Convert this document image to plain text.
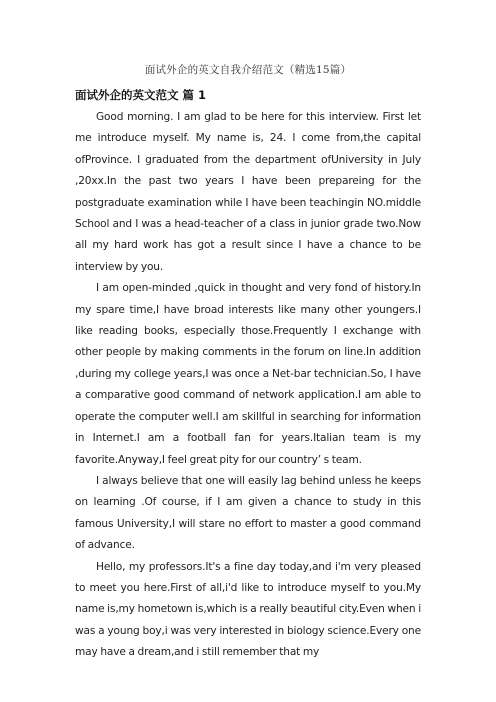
面试外企的英文自我介绍范文（精选15篇）
面试外企的英文范文 篇 1

Good morning. I am glad to be here for this interview. First let me introduce myself. My name is, 24. I come from,the capital ofProvince. I graduated from the department ofUniversity in July ,20xx.In the past two years I have been prepareing for the postgraduate examination while I have been teachingin NO.middle School and I was a head-teacher of a class in junior grade two.Now all my hard work has got a result since I have a chance to be interview by you.

I am open-minded ,quick in thought and very fond of history.In my spare time,I have broad interests like many other youngers.I like reading books, especially those.Frequently I exchange with other people by making comments in the forum on line.In addition ,during my college years,I was once a Net-bar technician.So, I have a comparative good command of network application.I am able to operate the computer well.I am skillful in searching for information in Internet.I am a football fan for years.Italian team is my favorite.Anyway,I feel great pity for our country’ s team.

I always believe that one will easily lag behind unless he keeps on learning .Of course, if I am given a chance to study in this famous University,I will stare no effort to master a good command of advance.

Hello, my professors.It's a fine day today,and i'm very pleased to meet you here.First of all,i'd like to introduce myself to you.My name is,my hometown is,which is a really beautiful city.Even when i was a young boy,i was very interested in biology science.Every one may have a dream,and i still remember that my
